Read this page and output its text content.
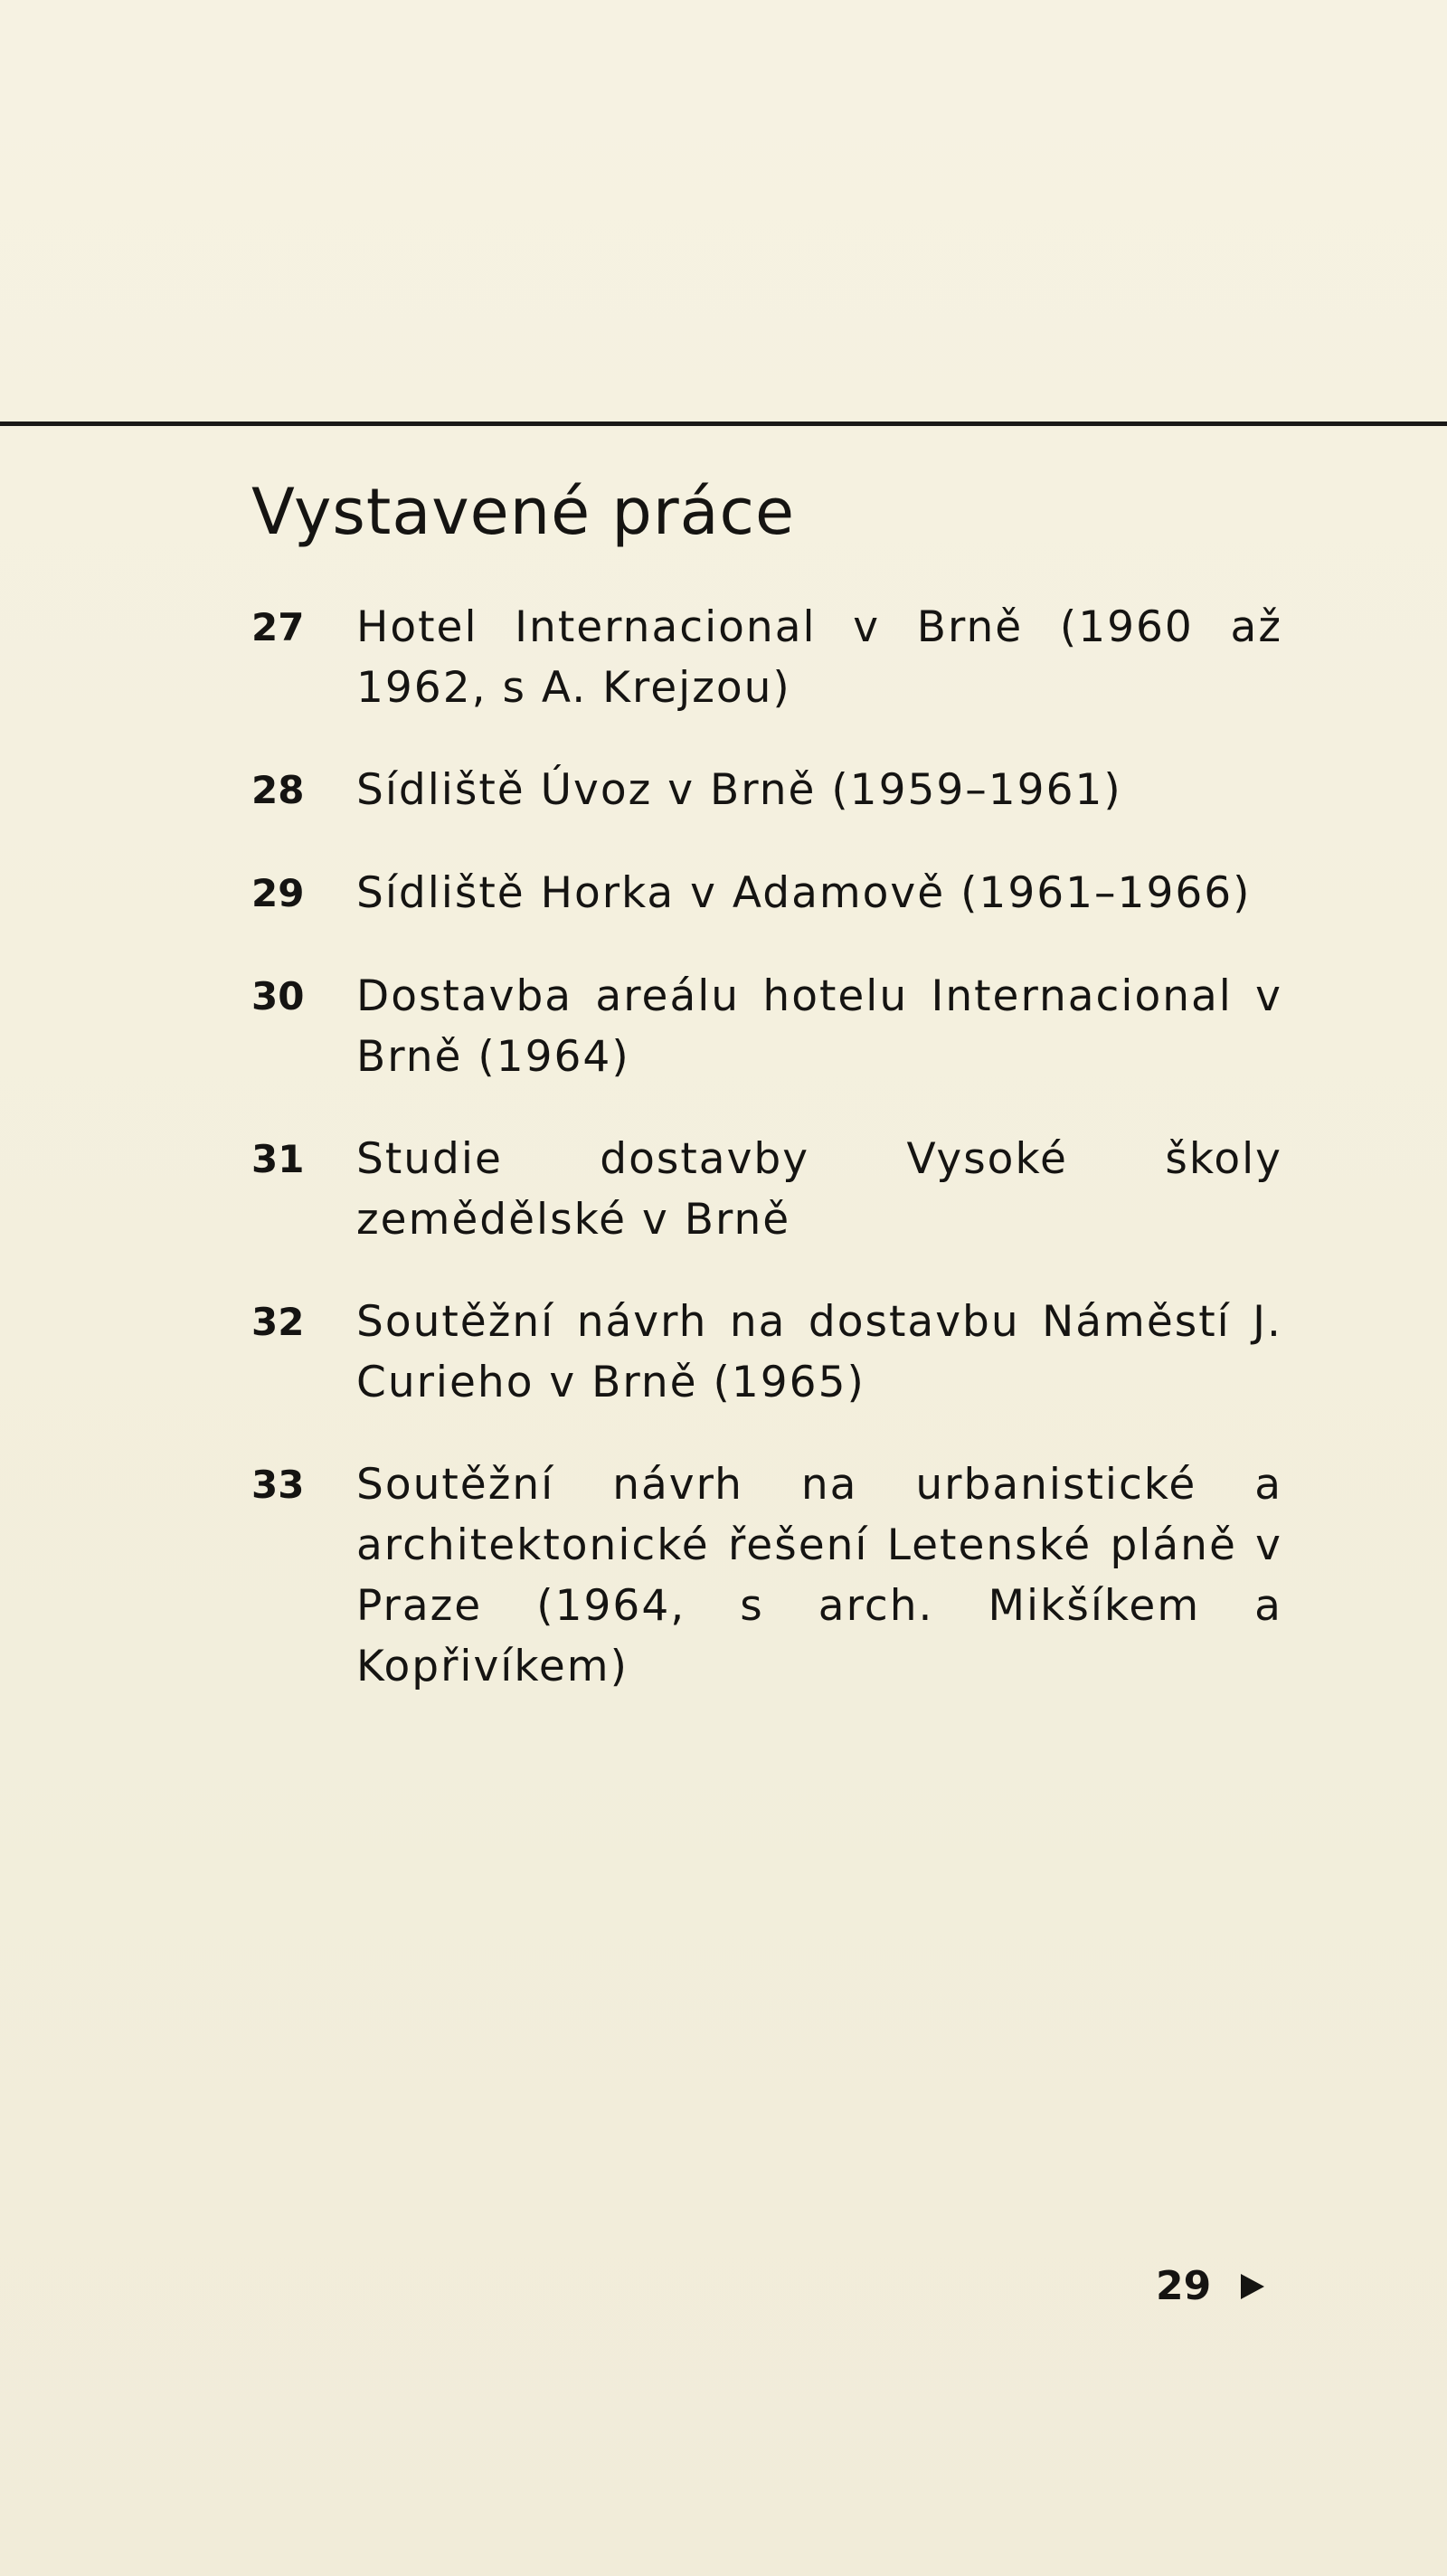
Vystavené práce
27	Hotel Internacional v Brně (1960 až 1962, s A. Krejzou)
28	Sídliště Úvoz v Brně (1959–1961)
29	Sídliště Horka v Adamově (1961–1966)
30	Dostavba areálu hotelu Internacional v Brně (1964)
31	Studie dostavby Vysoké školy zemědělské v Brně
32	Soutěžní návrh na dostavbu Náměstí J. Curieho v Brně (1965)
33	Soutěžní návrh na urbanistické a architektonické řešení Letenské pláně v Praze (1964, s arch. Mikšíkem a Kopřivíkem)
29
